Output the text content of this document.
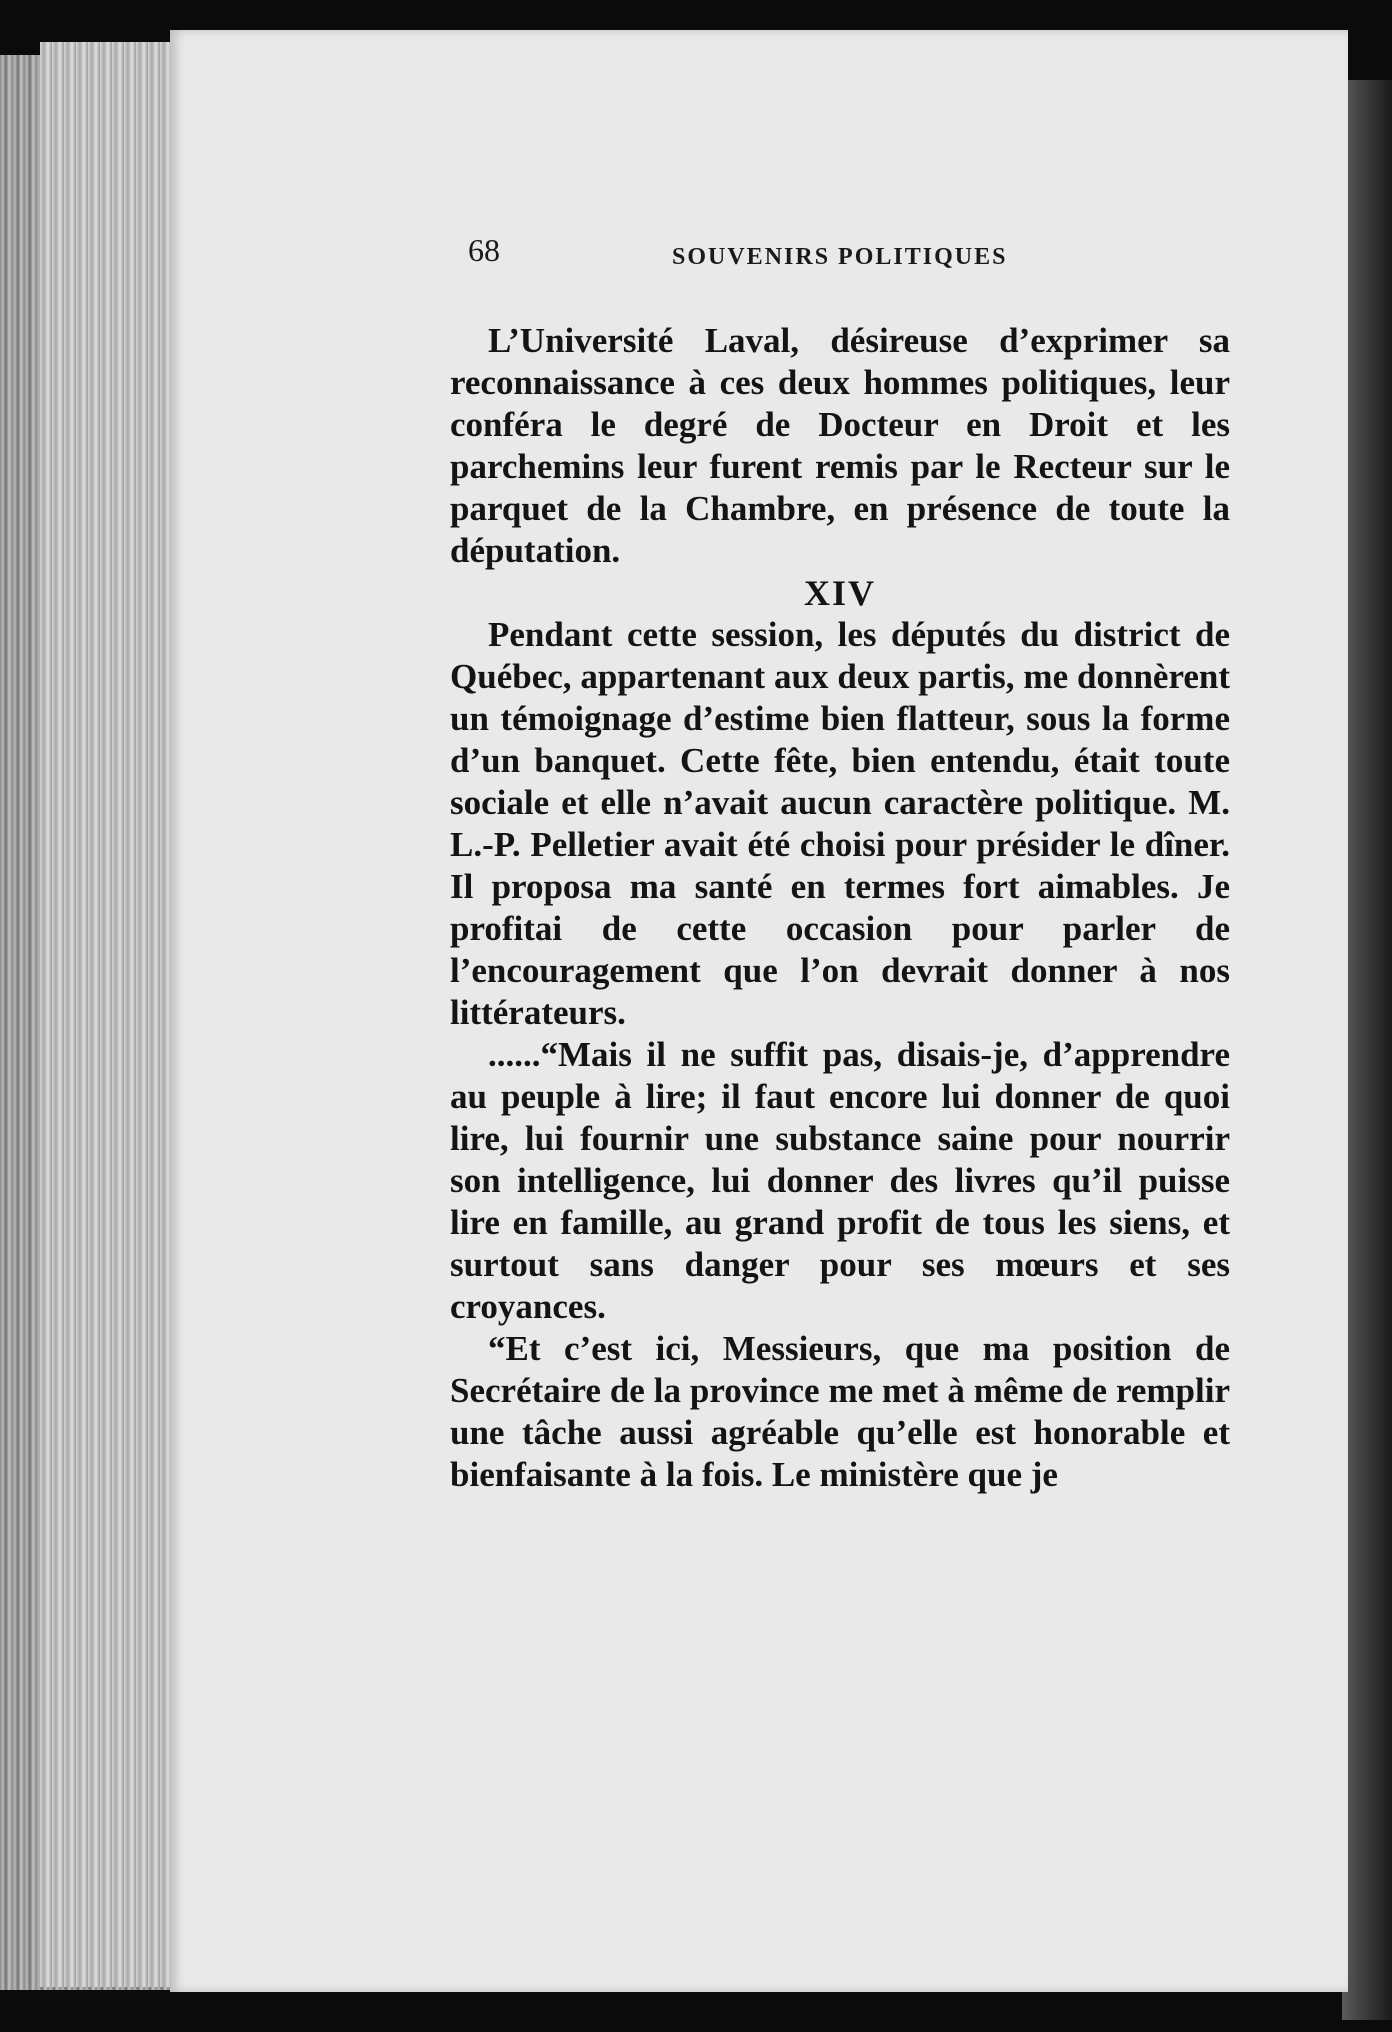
68	SOUVENIRS POLITIQUES

L’Université Laval, désireuse d’exprimer sa reconnaissance à ces deux hommes politiques, leur conféra le degré de Docteur en Droit et les parchemins leur furent remis par le Recteur sur le parquet de la Chambre, en présence de toute la députation.

XIV

Pendant cette session, les députés du district de Québec, appartenant aux deux partis, me donnèrent un témoignage d’estime bien flatteur, sous la forme d’un banquet. Cette fête, bien entendu, était toute sociale et elle n’avait aucun caractère politique. M. L.-P. Pelletier avait été choisi pour présider le dîner. Il proposa ma santé en termes fort aimables. Je profitai de cette occasion pour parler de l’encouragement que l’on devrait donner à nos littérateurs.

......“Mais il ne suffit pas, disais-je, d’apprendre au peuple à lire; il faut encore lui donner de quoi lire, lui fournir une substance saine pour nourrir son intelligence, lui donner des livres qu’il puisse lire en famille, au grand profit de tous les siens, et surtout sans danger pour ses mœurs et ses croyances.

“Et c’est ici, Messieurs, que ma position de Secrétaire de la province me met à même de remplir une tâche aussi agréable qu’elle est honorable et bienfaisante à la fois. Le ministère que je
